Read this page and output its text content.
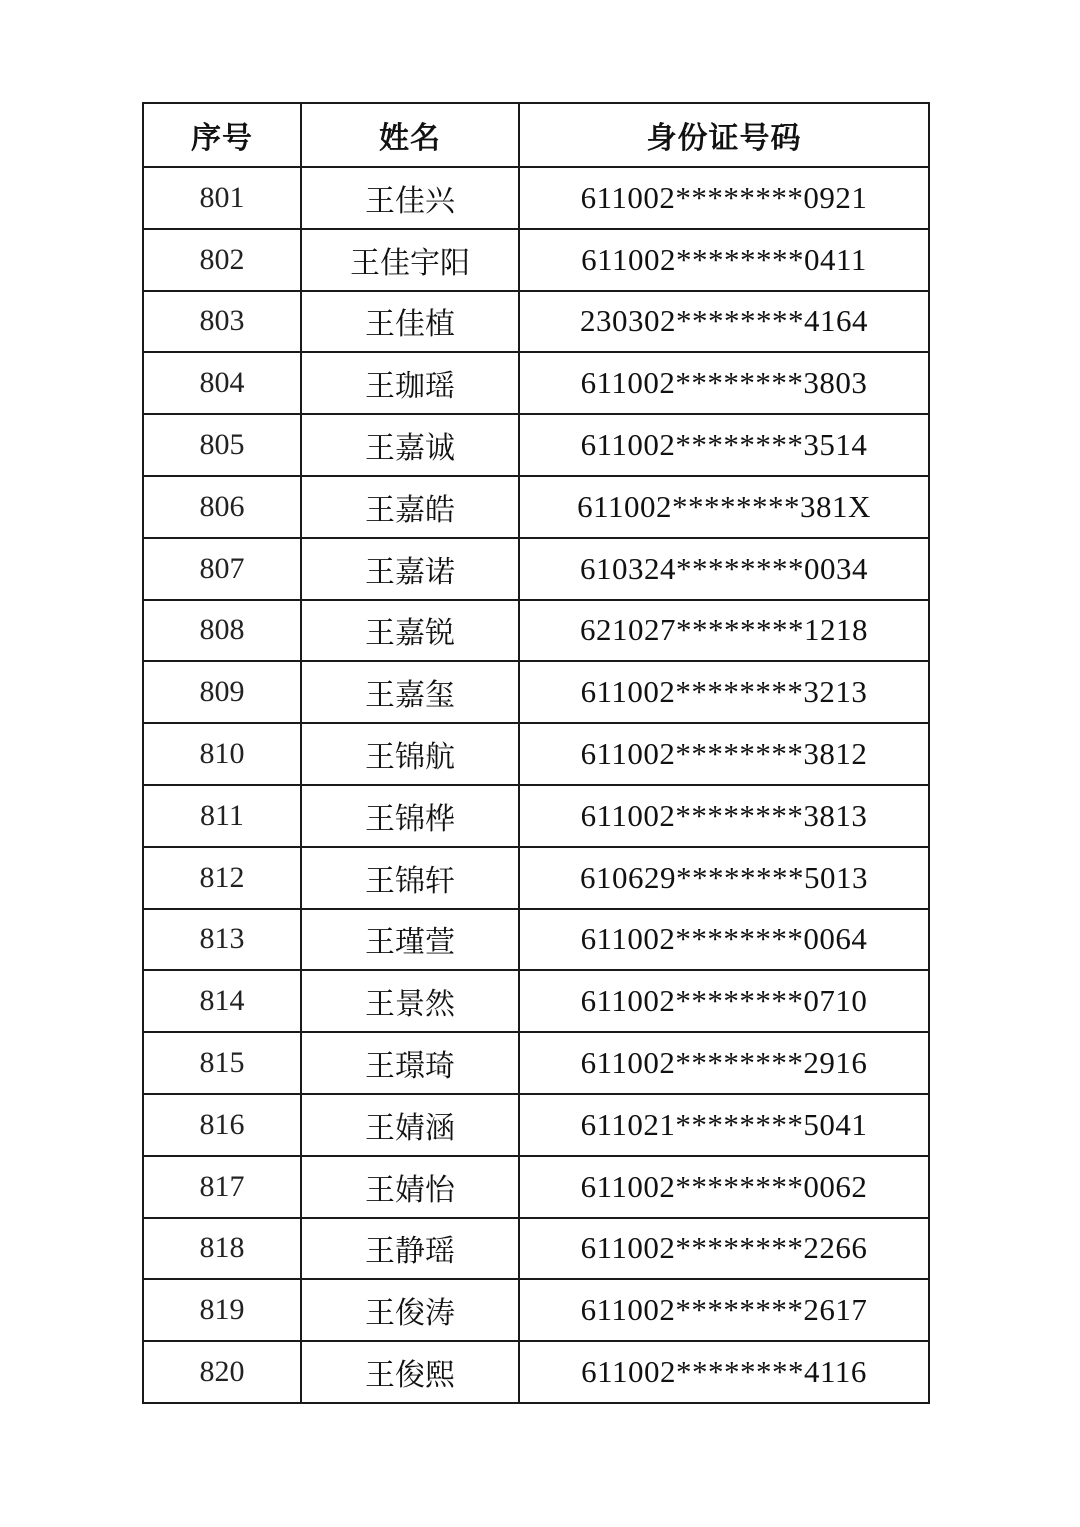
序号	姓名	身份证号码
801	王佳兴	611002********0921
802	王佳宇阳	611002********0411
803	王佳植	230302********4164
804	王珈瑶	611002********3803
805	王嘉诚	611002********3514
806	王嘉皓	611002********381X
807	王嘉诺	610324********0034
808	王嘉锐	621027********1218
809	王嘉玺	611002********3213
810	王锦航	611002********3812
811	王锦桦	611002********3813
812	王锦轩	610629********5013
813	王瑾萱	611002********0064
814	王景然	611002********0710
815	王璟琦	611002********2916
816	王婧涵	611021********5041
817	王婧怡	611002********0062
818	王静瑶	611002********2266
819	王俊涛	611002********2617
820	王俊熙	611002********4116
